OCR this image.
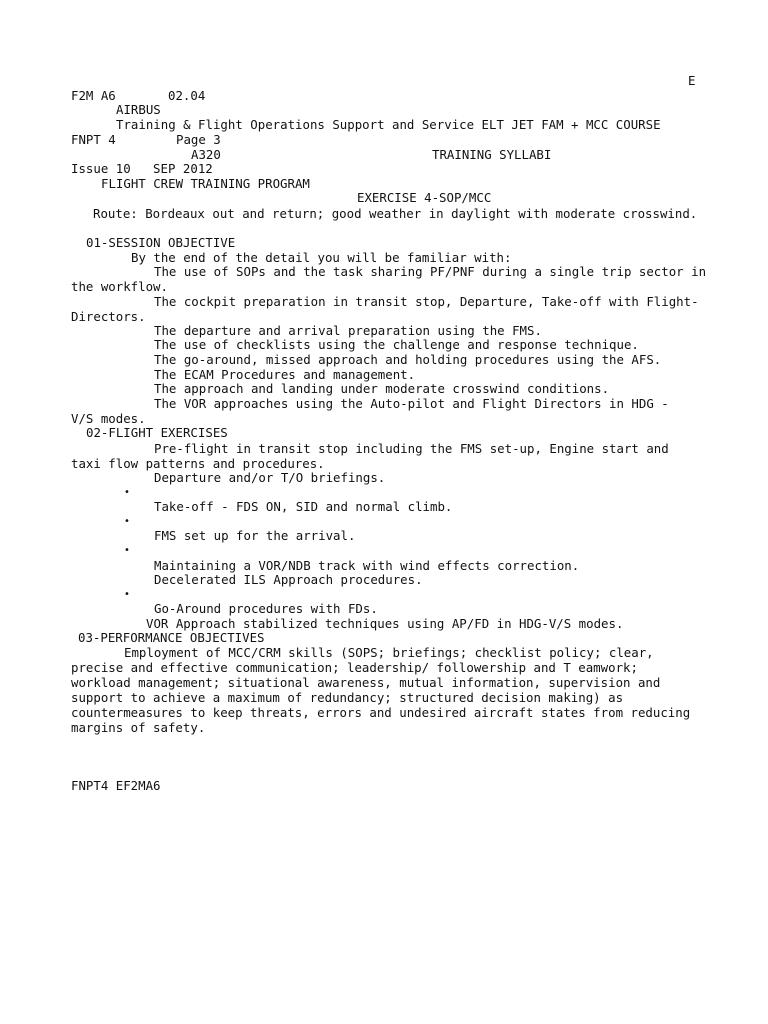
E
F2M A6	02.04
AIRBUS
Training & Flight Operations Support and Service ELT JET FAM + MCC COURSE
FNPT 4	Page 3
A320	TRAINING SYLLABI
Issue 10   SEP 2012
FLIGHT CREW TRAINING PROGRAM
EXERCISE 4-SOP/MCC
Route: Bordeaux out and return; good weather in daylight with moderate crosswind.
01-SESSION OBJECTIVE
By the end of the detail you will be familiar with:
The use of SOPs and the task sharing PF/PNF during a single trip sector in the workflow.
The cockpit preparation in transit stop, Departure, Take-off with Flight-Directors.
The departure and arrival preparation using the FMS.
The use of checklists using the challenge and response technique.
The go-around, missed approach and holding procedures using the AFS.
The ECAM Procedures and management.
The approach and landing under moderate crosswind conditions.
The VOR approaches using the Auto-pilot and Flight Directors in HDG - V/S modes.
02-FLIGHT EXERCISES
Pre-flight in transit stop including the FMS set-up, Engine start and taxi flow patterns and procedures.
Departure and/or T/O briefings.
•
Take-off - FDS ON, SID and normal climb.
•
FMS set up for the arrival.
•
Maintaining a VOR/NDB track with wind effects correction.
Decelerated ILS Approach procedures.
•
Go-Around procedures with FDs.
VOR Approach stabilized techniques using AP/FD in HDG-V/S modes.
03-PERFORMANCE OBJECTIVES
Employment of MCC/CRM skills (SOPS; briefings; checklist policy; clear, precise and effective communication; leadership/ followership and T eamwork; workload management; situational awareness, mutual information, supervision and support to achieve a maximum of redundancy; structured decision making) as countermeasures to keep threats, errors and undesired aircraft states from reducing margins of safety.
FNPT4 EF2MA6
